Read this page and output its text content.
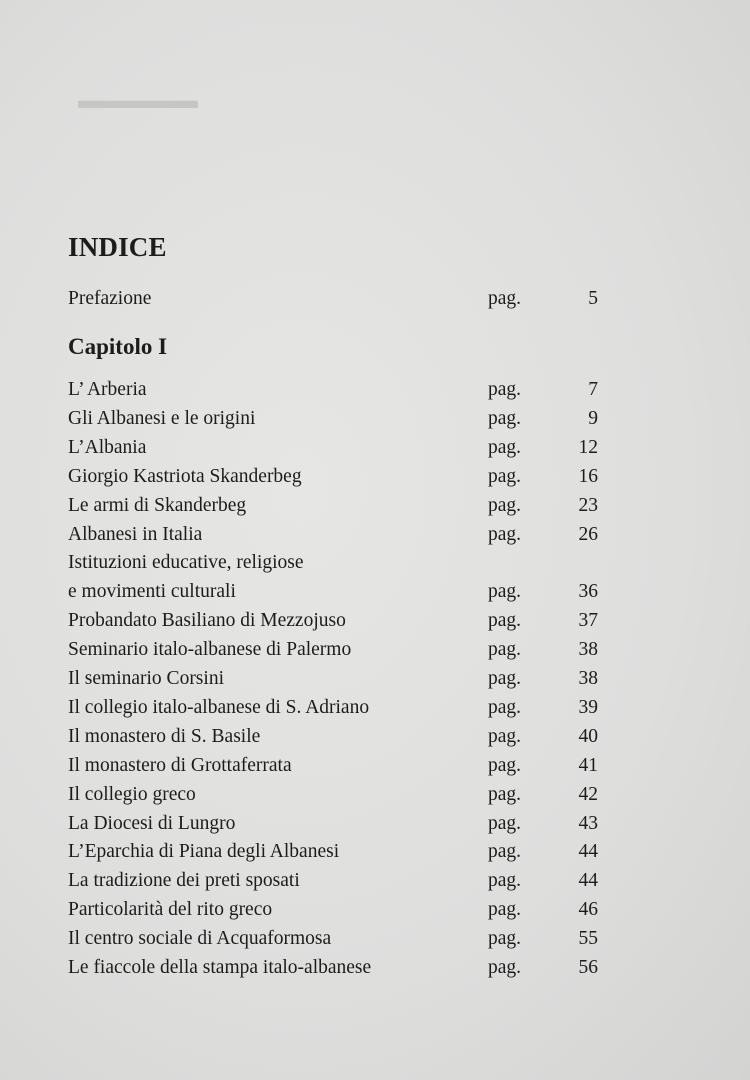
▬▬▬▬▬
INDICE
Prefazione	pag.	5
Capitolo I
L’ Arberia	pag.	7
Gli Albanesi e le origini	pag.	9
L’Albania	pag.	12
Giorgio Kastriota Skanderbeg	pag.	16
Le armi di Skanderbeg	pag.	23
Albanesi in Italia	pag.	26
Istituzioni educative, religiose
e movimenti culturali	pag.	36
Probandato Basiliano di Mezzojuso	pag.	37
Seminario italo-albanese di Palermo	pag.	38
Il seminario Corsini	pag.	38
Il collegio italo-albanese di S. Adriano	pag.	39
Il monastero di S. Basile	pag.	40
Il monastero di Grottaferrata	pag.	41
Il collegio greco	pag.	42
La Diocesi di Lungro	pag.	43
L’Eparchia di Piana degli Albanesi	pag.	44
La tradizione dei preti sposati	pag.	44
Particolarità del rito greco	pag.	46
Il centro sociale di Acquaformosa	pag.	55
Le fiaccole della stampa italo-albanese	pag.	56
